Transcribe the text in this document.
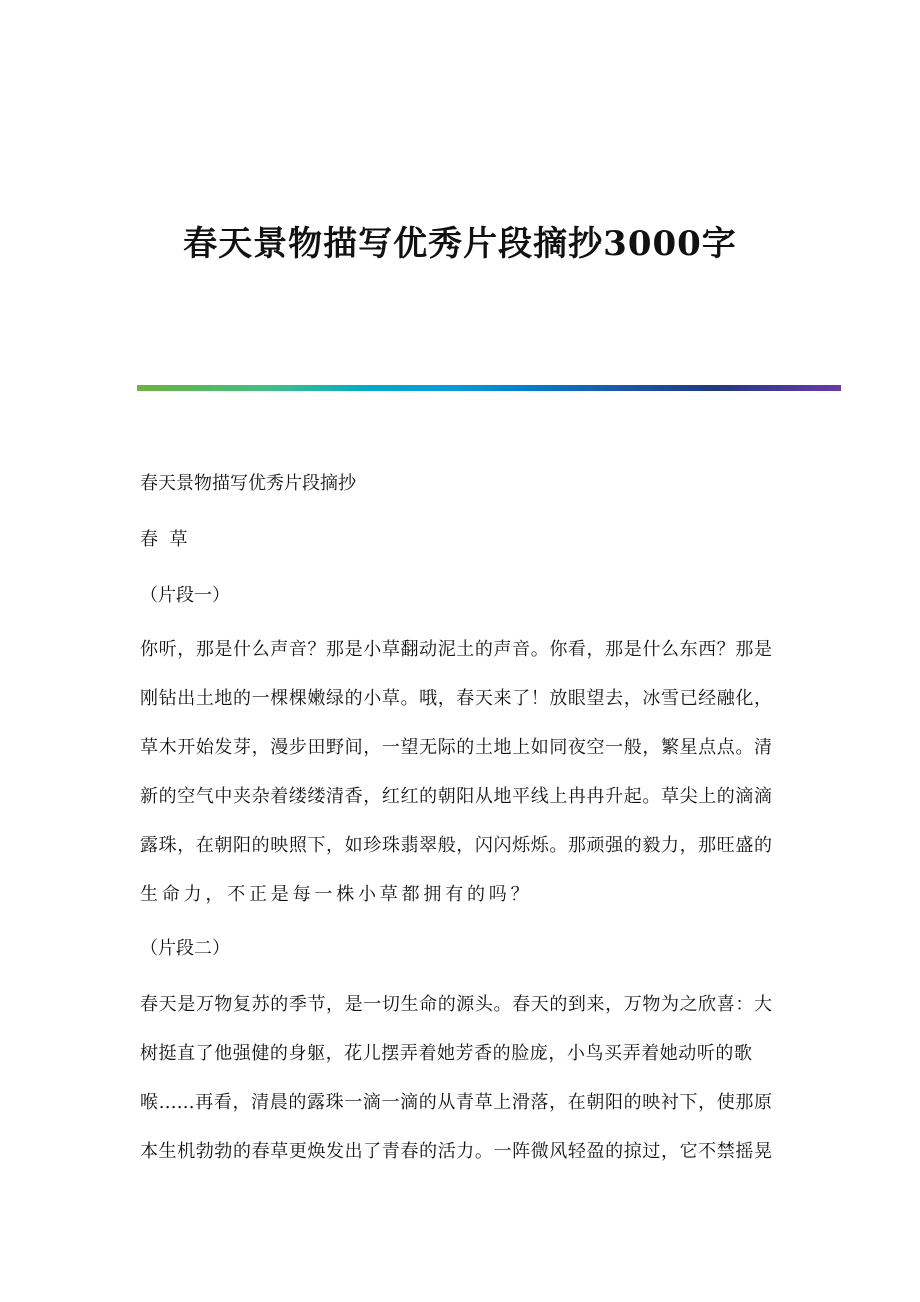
春天景物描写优秀片段摘抄3000字
春天景物描写优秀片段摘抄
春  草
（片段一）
你听，那是什么声音？那是小草翻动泥土的声音。你看，那是什么东西？那是
刚钻出土地的一棵棵嫩绿的小草。哦，春天来了！放眼望去，冰雪已经融化，
草木开始发芽，漫步田野间，一望无际的土地上如同夜空一般，繁星点点。清
新的空气中夹杂着缕缕清香，红红的朝阳从地平线上冉冉升起。草尖上的滴滴
露珠，在朝阳的映照下，如珍珠翡翠般，闪闪烁烁。那顽强的毅力，那旺盛的
生命力，不正是每一株小草都拥有的吗？
（片段二）
春天是万物复苏的季节，是一切生命的源头。春天的到来，万物为之欣喜：大
树挺直了他强健的身躯，花儿摆弄着她芳香的脸庞，小鸟买弄着她动听的歌
喉……再看，清晨的露珠一滴一滴的从青草上滑落，在朝阳的映衬下，使那原
本生机勃勃的春草更焕发出了青春的活力。一阵微风轻盈的掠过，它不禁摇晃
